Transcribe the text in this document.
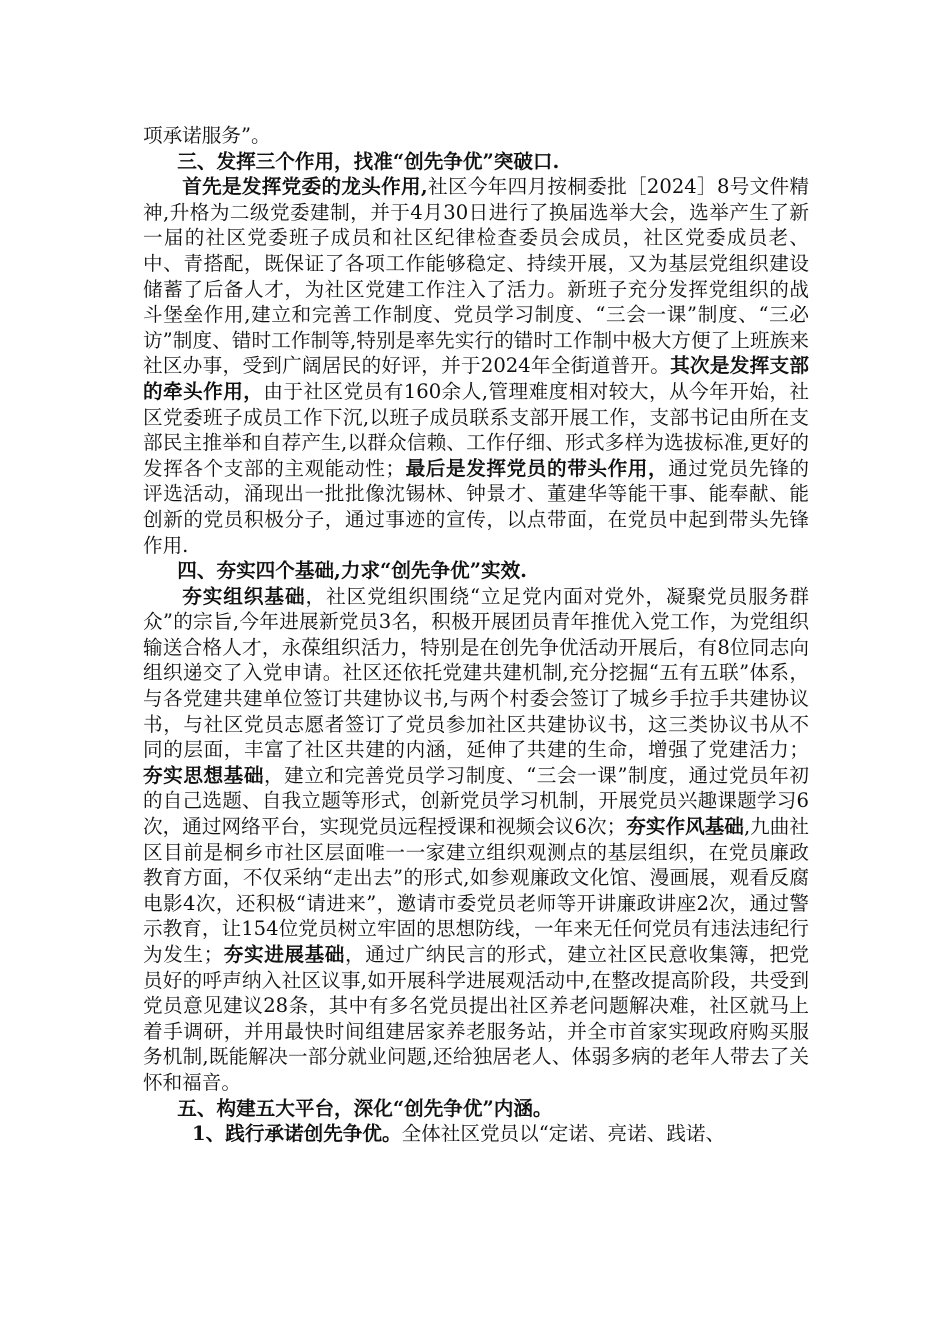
项承诺服务”。

三、发挥三个作用，找准“创先争优”突破口.

首先是发挥党委的龙头作用,社区今年四月按桐委批［2024］8号文件精神,升格为二级党委建制，并于4月30日进行了换届选举大会，选举产生了新一届的社区党委班子成员和社区纪律检查委员会成员，社区党委成员老、中、青搭配，既保证了各项工作能够稳定、持续开展，又为基层党组织建设储蓄了后备人才，为社区党建工作注入了活力。新班子充分发挥党组织的战斗堡垒作用,建立和完善工作制度、党员学习制度、“三会一课”制度、“三必访”制度、错时工作制等,特别是率先实行的错时工作制中极大方便了上班族来社区办事，受到广阔居民的好评，并于2024年全街道普开。其次是发挥支部的牵头作用，由于社区党员有160余人,管理难度相对较大，从今年开始，社区党委班子成员工作下沉,以班子成员联系支部开展工作，支部书记由所在支部民主推举和自荐产生,以群众信赖、工作仔细、形式多样为选拔标准,更好的发挥各个支部的主观能动性；最后是发挥党员的带头作用，通过党员先锋的评选活动，涌现出一批批像沈锡林、钟景才、董建华等能干事、能奉献、能创新的党员积极分子，通过事迹的宣传，以点带面，在党员中起到带头先锋作用.

四、夯实四个基础,力求“创先争优”实效.

夯实组织基础，社区党组织围绕“立足党内面对党外，凝聚党员服务群众”的宗旨,今年进展新党员3名，积极开展团员青年推优入党工作，为党组织输送合格人才，永葆组织活力，特别是在创先争优活动开展后，有8位同志向组织递交了入党申请。社区还依托党建共建机制,充分挖掘“五有五联”体系，与各党建共建单位签订共建协议书,与两个村委会签订了城乡手拉手共建协议书，与社区党员志愿者签订了党员参加社区共建协议书，这三类协议书从不同的层面，丰富了社区共建的内涵，延伸了共建的生命，增强了党建活力；夯实思想基础，建立和完善党员学习制度、“三会一课”制度，通过党员年初的自己选题、自我立题等形式，创新党员学习机制，开展党员兴趣课题学习6次，通过网络平台，实现党员远程授课和视频会议6次；夯实作风基础,九曲社区目前是桐乡市社区层面唯一一家建立组织观测点的基层组织，在党员廉政教育方面，不仅采纳“走出去”的形式,如参观廉政文化馆、漫画展，观看反腐电影4次，还积极“请进来”，邀请市委党员老师等开讲廉政讲座2次，通过警示教育，让154位党员树立牢固的思想防线，一年来无任何党员有违法违纪行为发生；夯实进展基础，通过广纳民言的形式，建立社区民意收集簿，把党员好的呼声纳入社区议事,如开展科学进展观活动中,在整改提高阶段，共受到党员意见建议28条，其中有多名党员提出社区养老问题解决难，社区就马上着手调研，并用最快时间组建居家养老服务站，并全市首家实现政府购买服务机制,既能解决一部分就业问题,还给独居老人、体弱多病的老年人带去了关怀和福音。

五、构建五大平台，深化“创先争优”内涵。

1、践行承诺创先争优。全体社区党员以“定诺、亮诺、践诺、
